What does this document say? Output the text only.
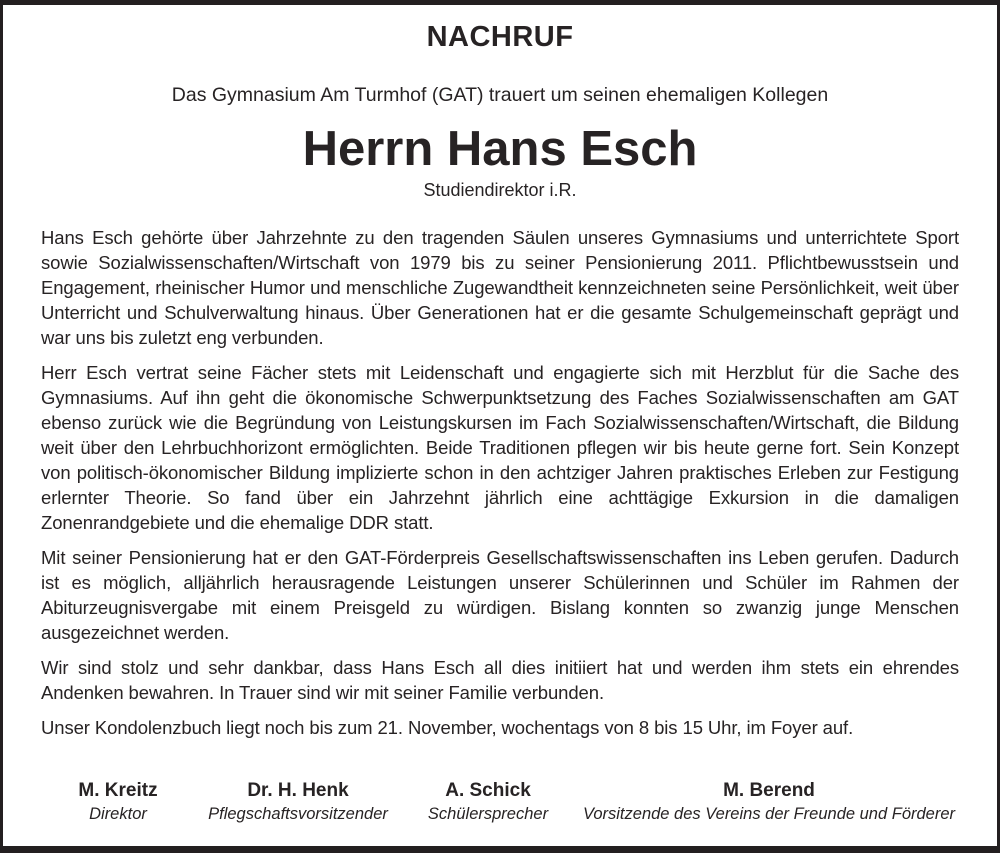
NACHRUF
Das Gymnasium Am Turmhof (GAT) trauert um seinen ehemaligen Kollegen
Herrn Hans Esch
Studiendirektor i.R.

Hans Esch gehörte über Jahrzehnte zu den tragenden Säulen unseres Gymnasiums und unterrichtete Sport sowie Sozialwissenschaften/Wirtschaft von 1979 bis zu seiner Pensionierung 2011. Pflichtbewusstsein und Engagement, rheinischer Humor und menschliche Zugewandtheit kennzeichneten seine Persönlichkeit, weit über Unterricht und Schulverwaltung hinaus. Über Generationen hat er die gesamte Schulgemeinschaft geprägt und war uns bis zuletzt eng verbunden.

Herr Esch vertrat seine Fächer stets mit Leidenschaft und engagierte sich mit Herzblut für die Sache des Gymnasiums. Auf ihn geht die ökonomische Schwerpunktsetzung des Faches Sozialwissenschaften am GAT ebenso zurück wie die Begründung von Leistungskursen im Fach Sozialwissenschaften/Wirtschaft, die Bildung weit über den Lehrbuchhorizont ermöglichten. Beide Traditionen pflegen wir bis heute gerne fort. Sein Konzept von politisch-ökonomischer Bildung implizierte schon in den achtziger Jahren praktisches Erleben zur Festigung erlernter Theorie. So fand über ein Jahrzehnt jährlich eine achttägige Exkursion in die damaligen Zonenrandgebiete und die ehemalige DDR statt.

Mit seiner Pensionierung hat er den GAT-Förderpreis Gesellschaftswissenschaften ins Leben gerufen. Dadurch ist es möglich, alljährlich herausragende Leistungen unserer Schülerinnen und Schüler im Rahmen der Abiturzeugnisvergabe mit einem Preisgeld zu würdigen. Bislang konnten so zwanzig junge Menschen ausgezeichnet werden.

Wir sind stolz und sehr dankbar, dass Hans Esch all dies initiiert hat und werden ihm stets ein ehrendes Andenken bewahren. In Trauer sind wir mit seiner Familie verbunden.

Unser Kondolenzbuch liegt noch bis zum 21. November, wochentags von 8 bis 15 Uhr, im Foyer auf.

M. Kreitz
Direktor
Dr. H. Henk
Pflegschaftsvorsitzender
A. Schick
Schülersprecher
M. Berend
Vorsitzende des Vereins der Freunde und Förderer
